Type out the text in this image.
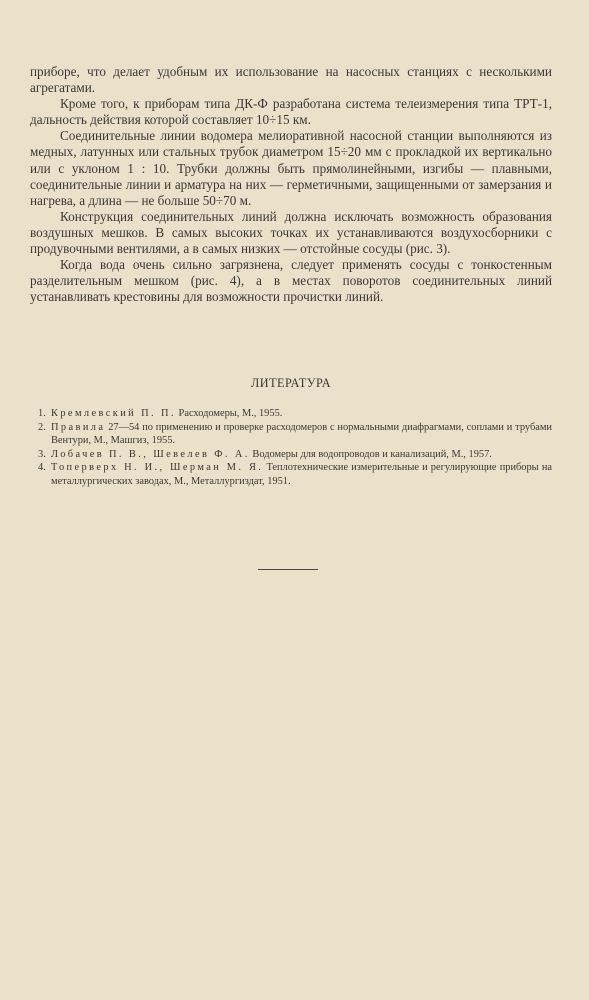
приборе, что делает удобным их использование на насосных станциях с несколькими агрегатами.

Кроме того, к приборам типа ДК-Ф разработана система телеизмерения типа ТРТ-1, дальность действия которой составляет 10÷15 км.

Соединительные линии водомера мелиоративной насосной станции выполняются из медных, латунных или стальных трубок диаметром 15÷20 мм с прокладкой их вертикально или с уклоном 1 : 10. Трубки должны быть прямолинейными, изгибы — плавными, соединительные линии и арматура на них — герметичными, защищенными от замерзания и нагрева, а длина — не больше 50÷70 м.

Конструкция соединительных линий должна исключать возможность образования воздушных мешков. В самых высоких точках их устанавливаются воздухосборники с продувочными вентилями, а в самых низких — отстойные сосуды (рис. 3).

Когда вода очень сильно загрязнена, следует применять сосуды с тонкостенным разделительным мешком (рис. 4), а в местах поворотов соединительных линий устанавливать крестовины для возможности прочистки линий.

ЛИТЕРАТУРА
1. Кремлевский П. П. Расходомеры, М., 1955.
2. Правила 27—54 по применению и проверке расходомеров с нормальными диафрагмами, соплами и трубами Вентури, М., Машгиз, 1955.
3. Лобачев П. В., Шевелев Ф. А. Водомеры для водопроводов и канализаций, М., 1957.
4. Топерверх Н. И., Шерман М. Я. Теплотехнические измерительные и регулирующие приборы на металлургических заводах, М., Металлургиздат, 1951.
